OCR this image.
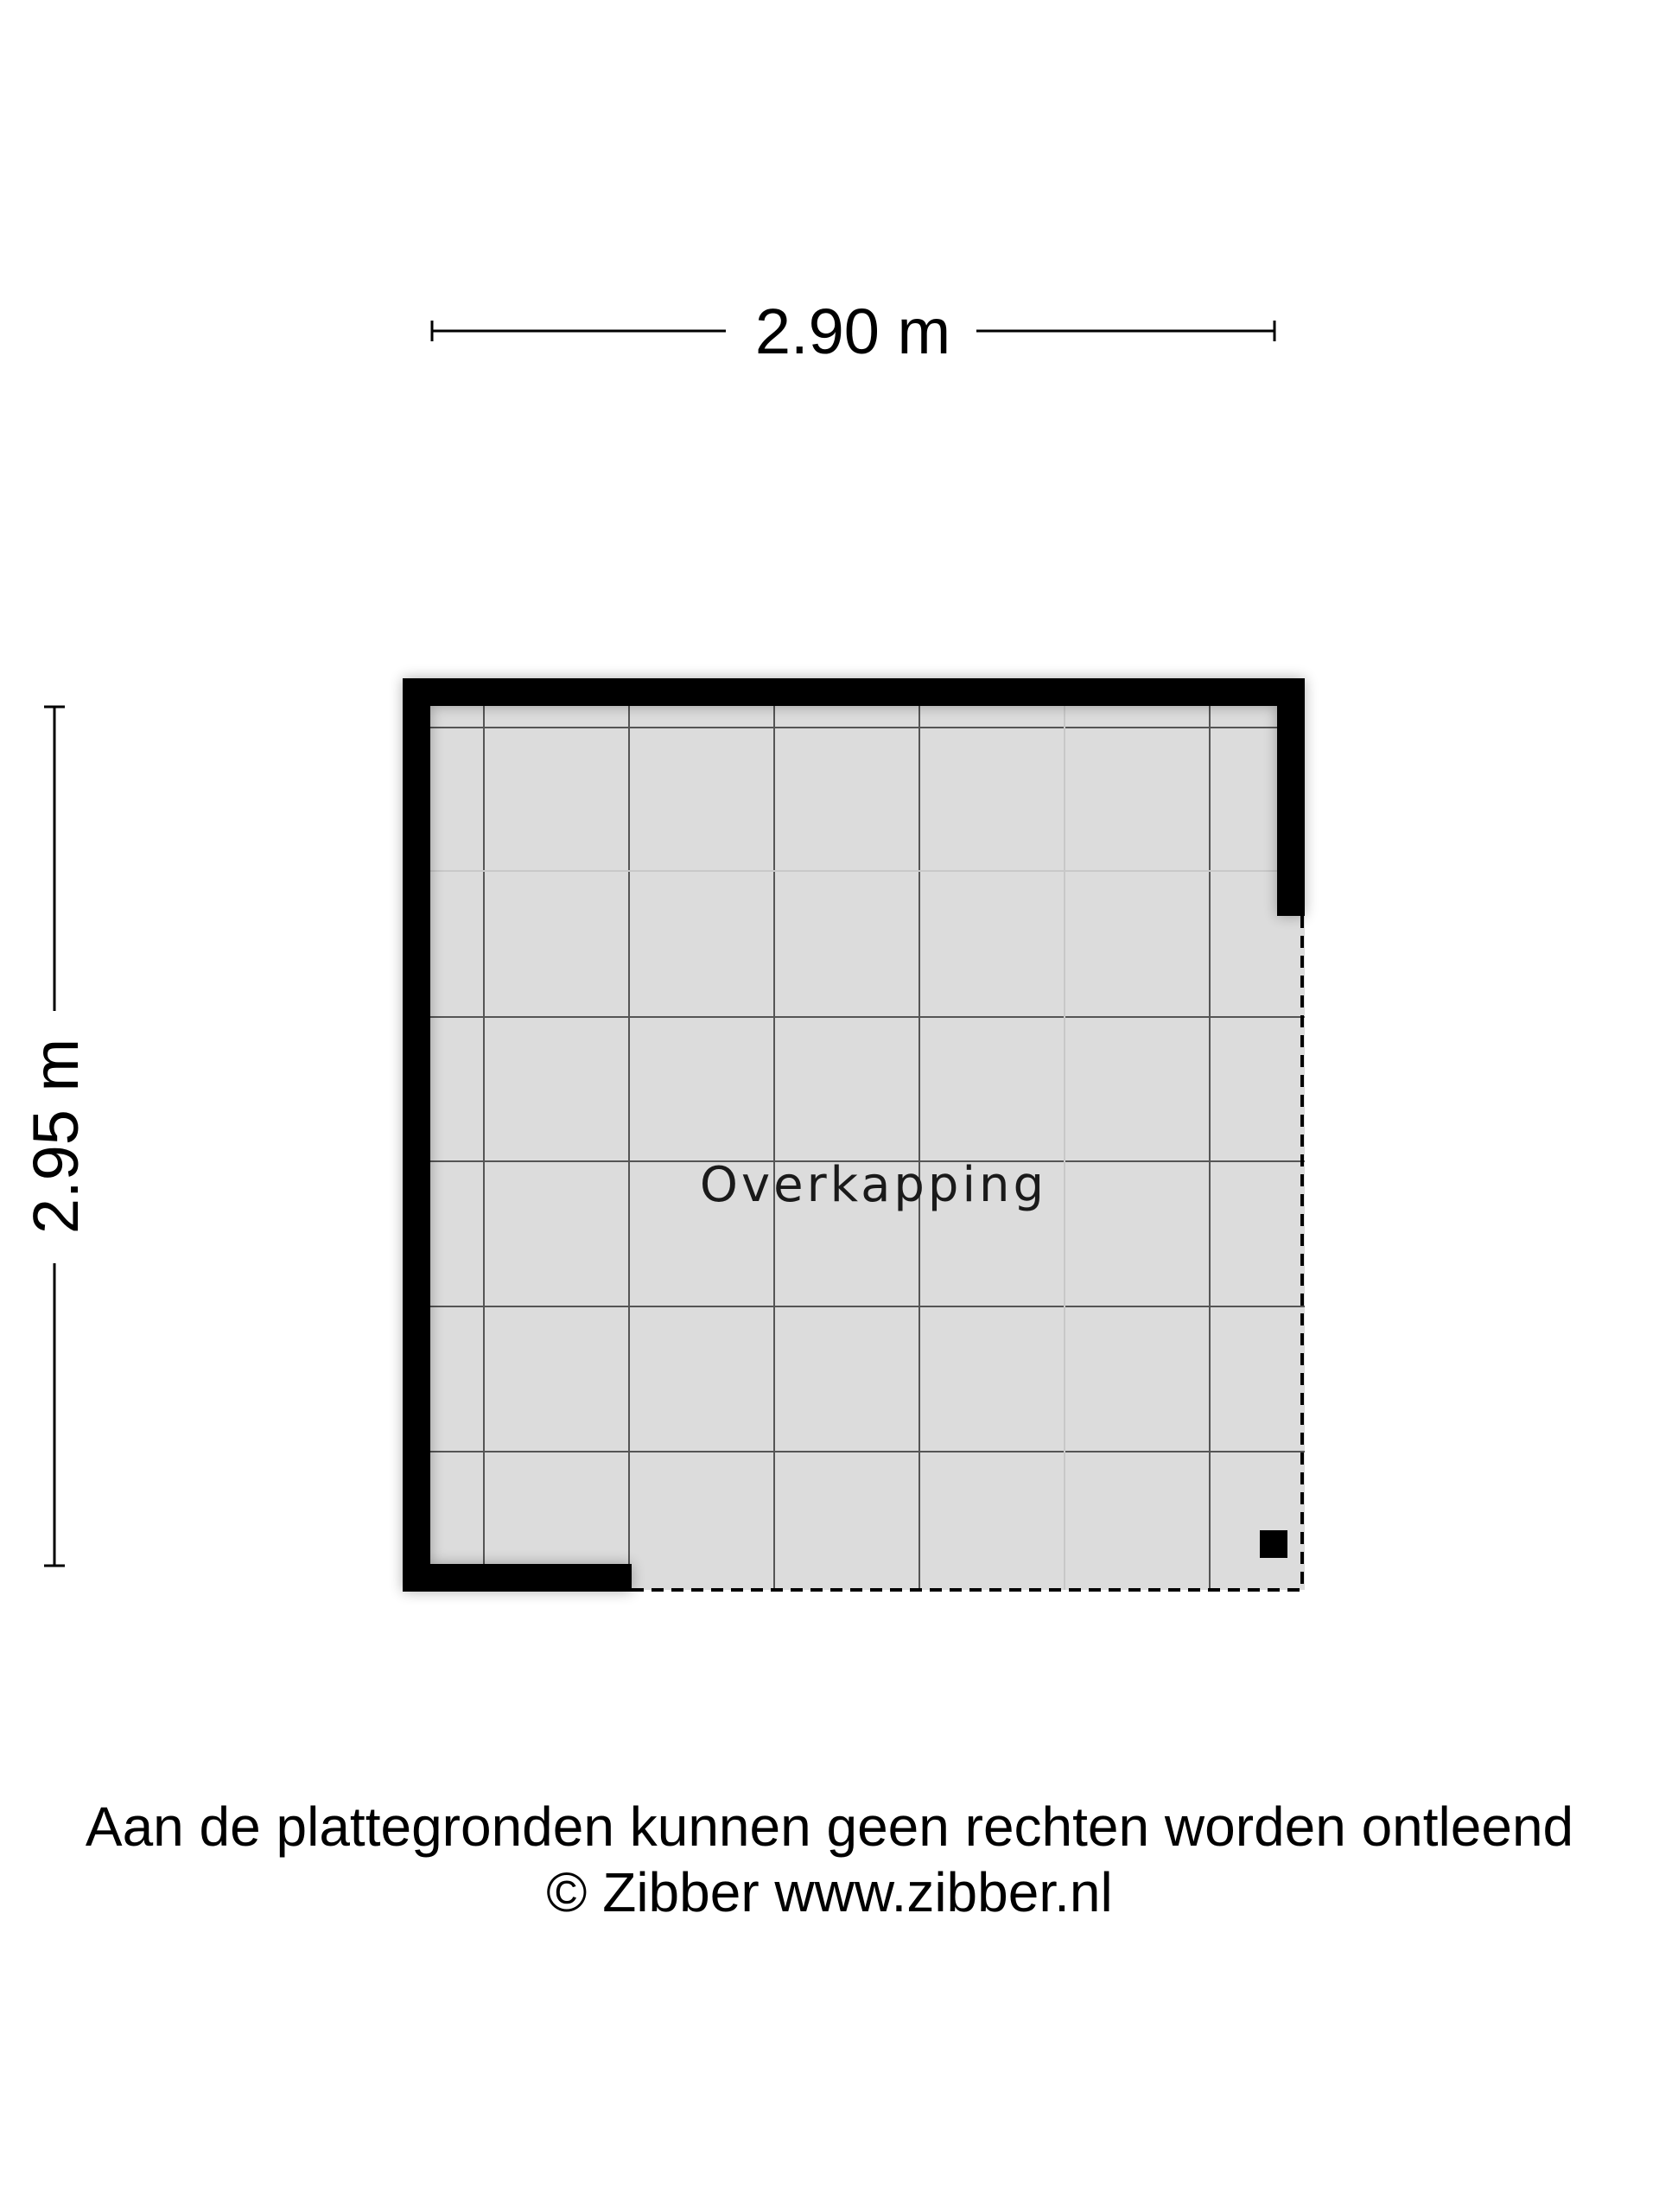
2.90 m
2.95 m	Overkapping
Aan de plattegronden kunnen geen rechten worden ontleend
© Zibber www.zibber.nl
